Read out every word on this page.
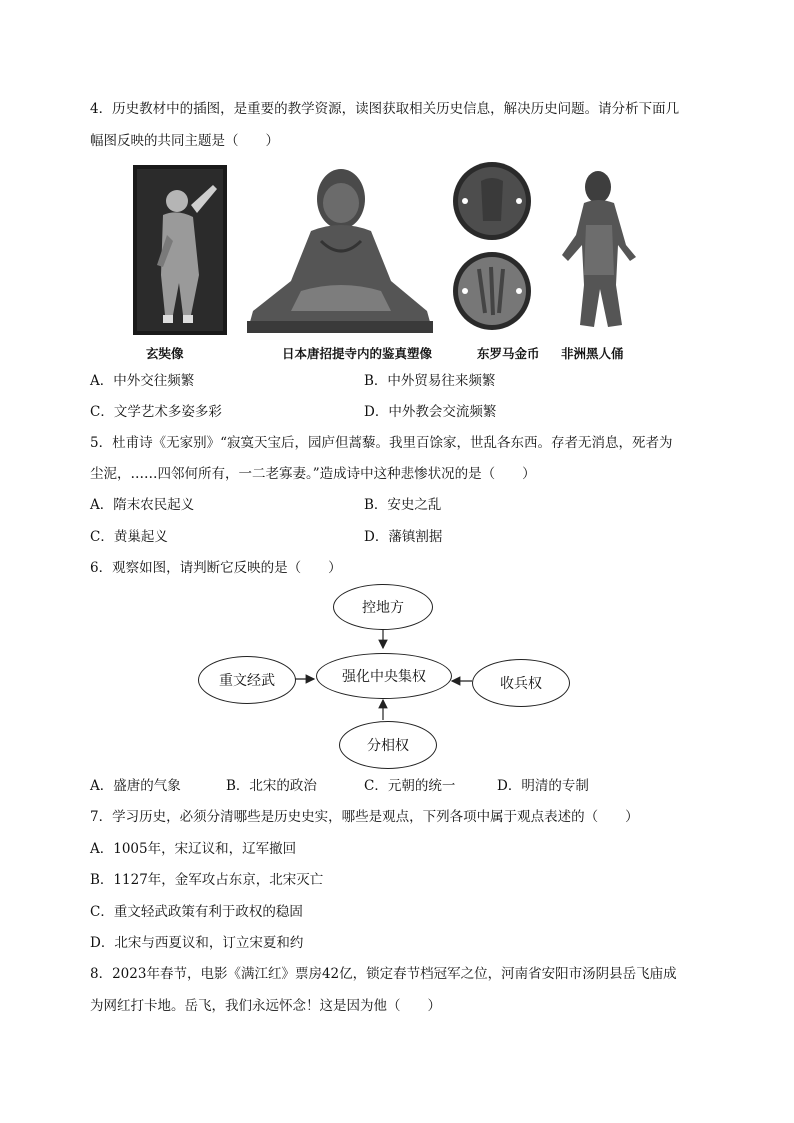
4．历史教材中的插图，是重要的教学资源，读图获取相关历史信息，解决历史问题。请分析下面几
幅图反映的共同主题是（　　）
玄奘像	日本唐招提寺内的鉴真塑像	东罗马金币 非洲黑人俑
A．中外交往频繁	B．中外贸易往来频繁
C．文学艺术多姿多彩	D．中外教会交流频繁
5．杜甫诗《无家别》“寂寞天宝后，园庐但蒿藜。我里百馀家，世乱各东西。存者无消息，死者为
尘泥，……四邻何所有，一二老寡妻。”造成诗中这种悲惨状况的是（　　）
A．隋末农民起义	B．安史之乱
C．黄巢起义	D．藩镇割据
6．观察如图，请判断它反映的是（　　）
控地方
重文经武	强化中央集权	收兵权
分相权
A．盛唐的气象	B．北宋的政治	C．元朝的统一	D．明清的专制
7．学习历史，必须分清哪些是历史史实，哪些是观点，下列各项中属于观点表述的（　　）
A．1005年，宋辽议和，辽军撤回
B．1127年，金军攻占东京，北宋灭亡
C．重文轻武政策有利于政权的稳固
D．北宋与西夏议和，订立宋夏和约
8．2023年春节，电影《满江红》票房42亿，锁定春节档冠军之位，河南省安阳市汤阴县岳飞庙成
为网红打卡地。岳飞，我们永远怀念！这是因为他（　　）
